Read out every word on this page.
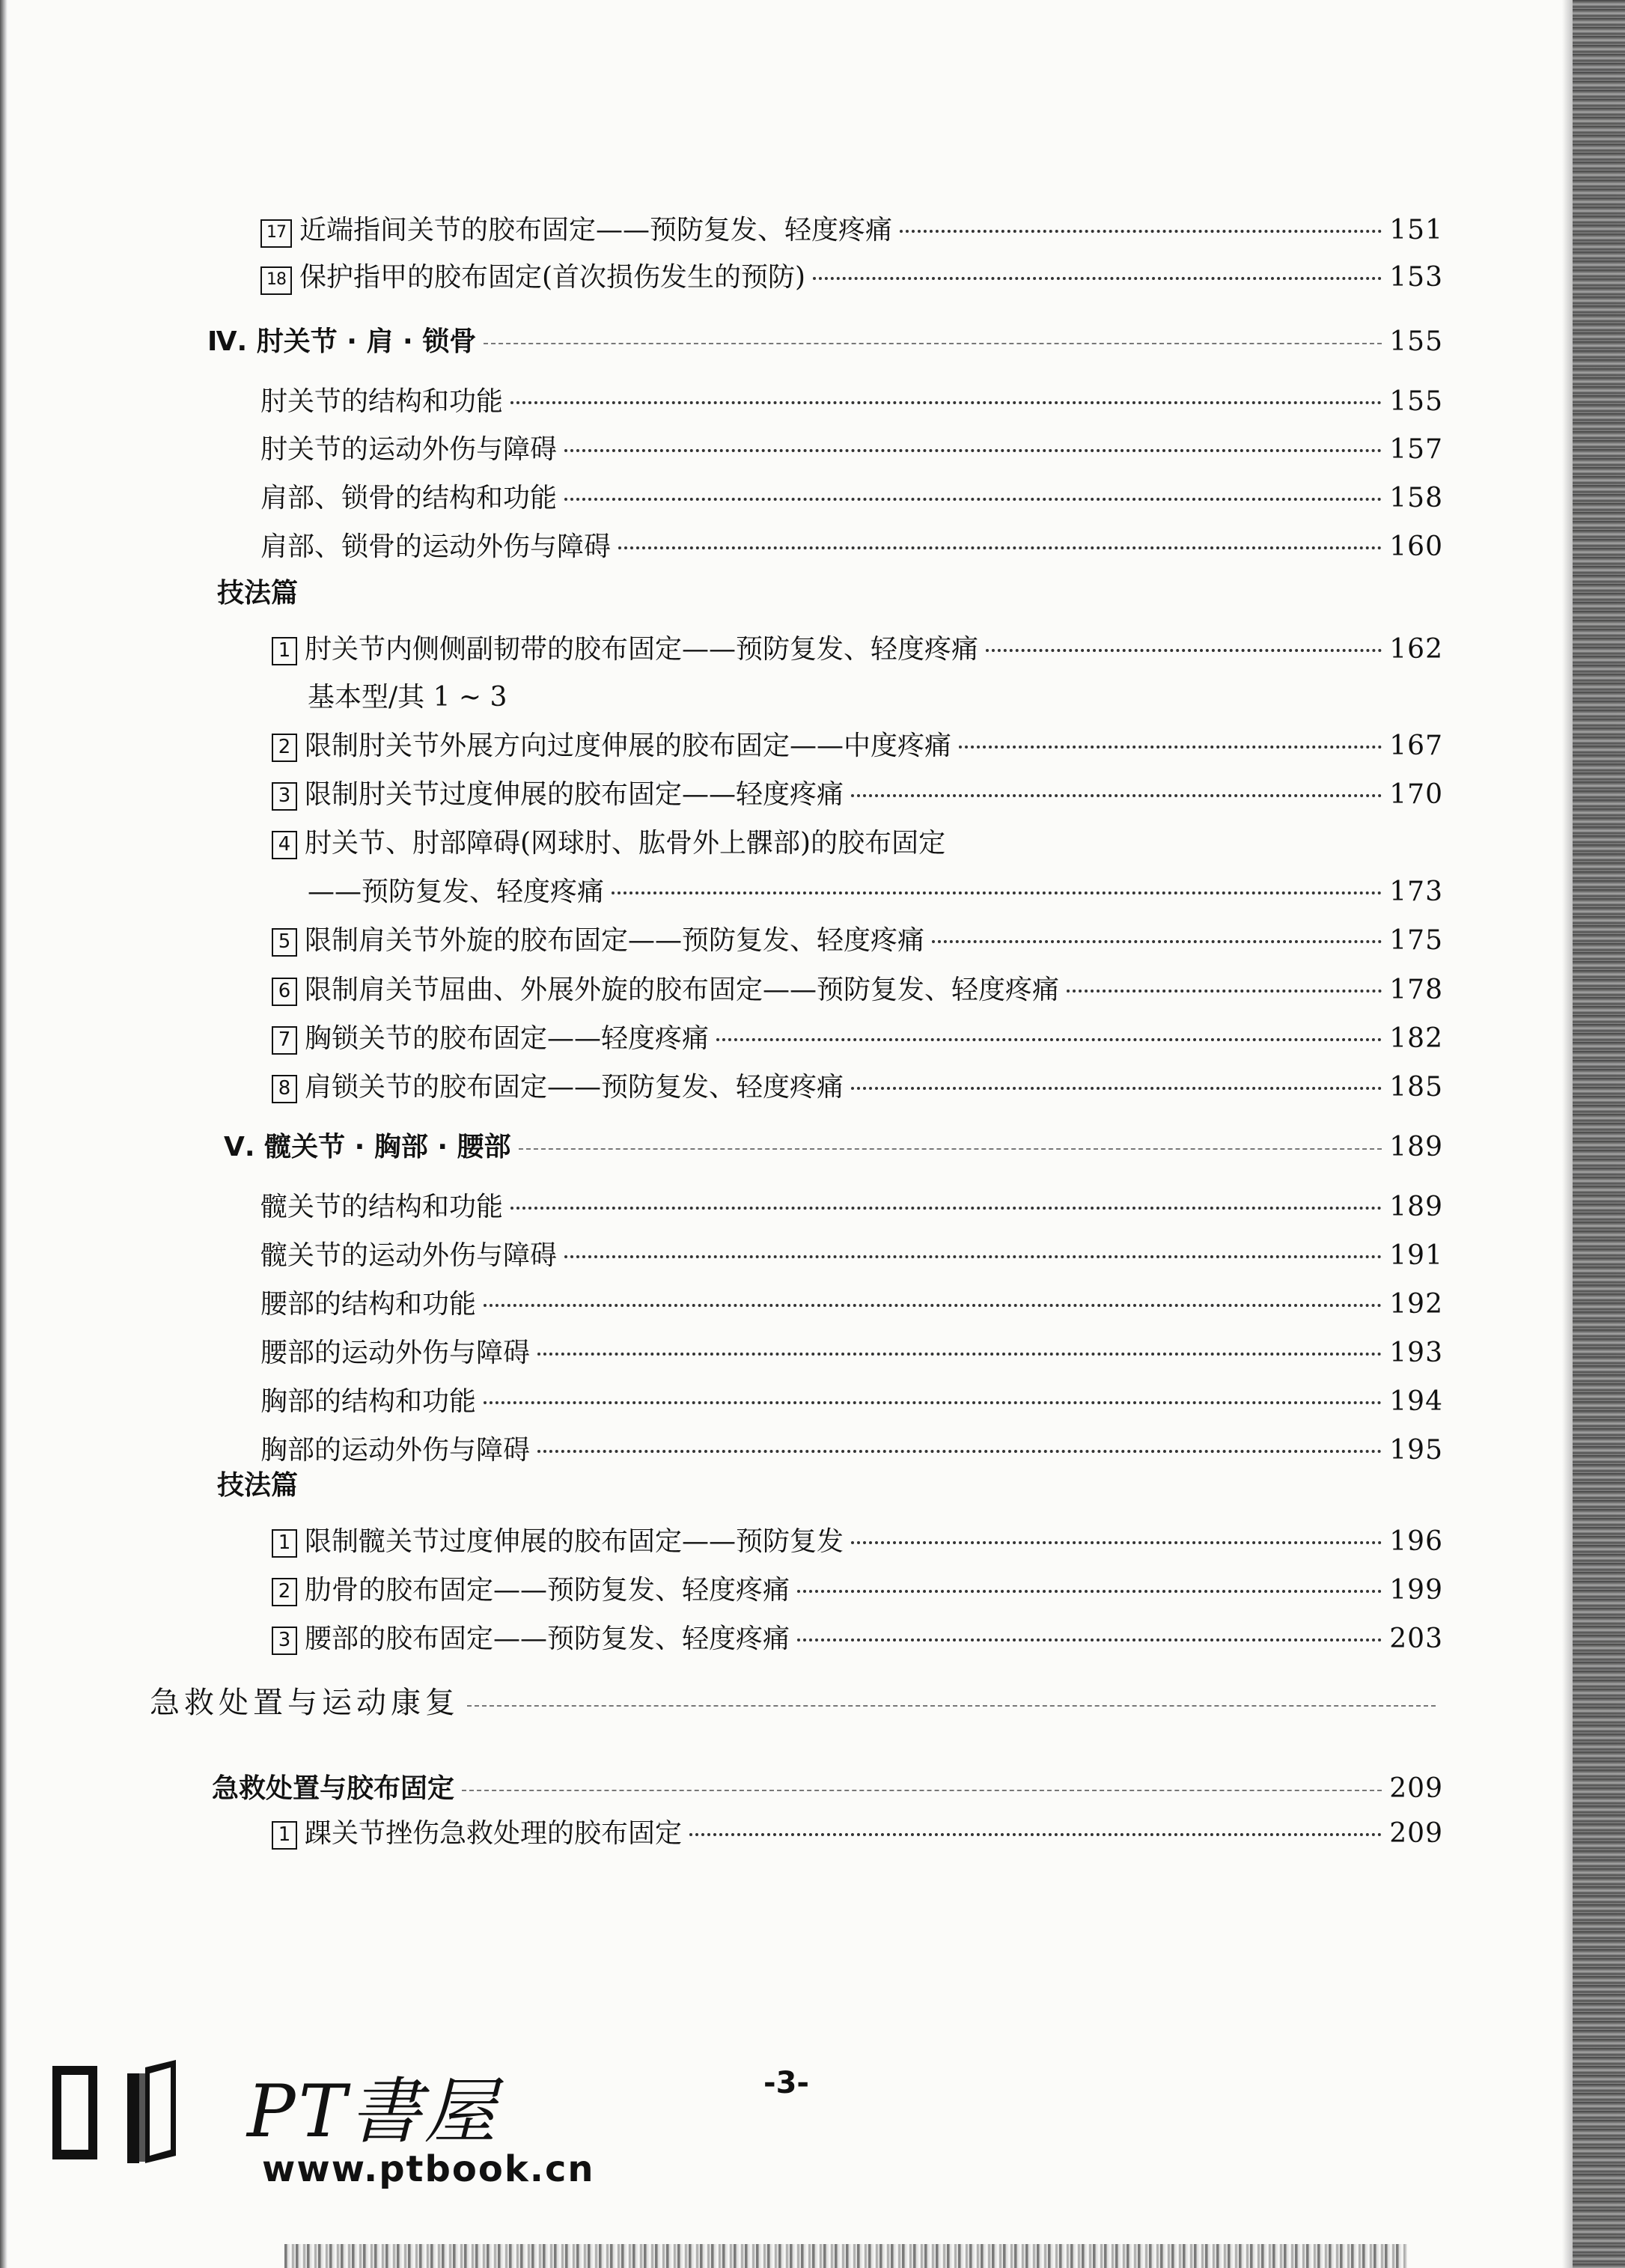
17 近端指间关节的胶布固定——预防复发、轻度疼痛	151
18 保护指甲的胶布固定(首次损伤发生的预防)	153
Ⅳ. 肘关节 · 肩 · 锁骨	155
肘关节的结构和功能	155
肘关节的运动外伤与障碍	157
肩部、锁骨的结构和功能	158
肩部、锁骨的运动外伤与障碍	160
技法篇
1 肘关节内侧侧副韧带的胶布固定——预防复发、轻度疼痛	162
基本型/其 1 ~ 3
2 限制肘关节外展方向过度伸展的胶布固定——中度疼痛	167
3 限制肘关节过度伸展的胶布固定——轻度疼痛	170
4 肘关节、肘部障碍(网球肘、肱骨外上髁部)的胶布固定
——预防复发、轻度疼痛	173
5 限制肩关节外旋的胶布固定——预防复发、轻度疼痛	175
6 限制肩关节屈曲、外展外旋的胶布固定——预防复发、轻度疼痛	178
7 胸锁关节的胶布固定——轻度疼痛	182
8 肩锁关节的胶布固定——预防复发、轻度疼痛	185
Ⅴ. 髋关节 · 胸部 · 腰部	189
髋关节的结构和功能	189
髋关节的运动外伤与障碍	191
腰部的结构和功能	192
腰部的运动外伤与障碍	193
胸部的结构和功能	194
胸部的运动外伤与障碍	195
技法篇
1 限制髋关节过度伸展的胶布固定——预防复发	196
2 肋骨的胶布固定——预防复发、轻度疼痛	199
3 腰部的胶布固定——预防复发、轻度疼痛	203
急救处置与运动康复
急救处置与胶布固定	209
1 踝关节挫伤急救处理的胶布固定	209
-3-
PT書屋
www.ptbook.cn
